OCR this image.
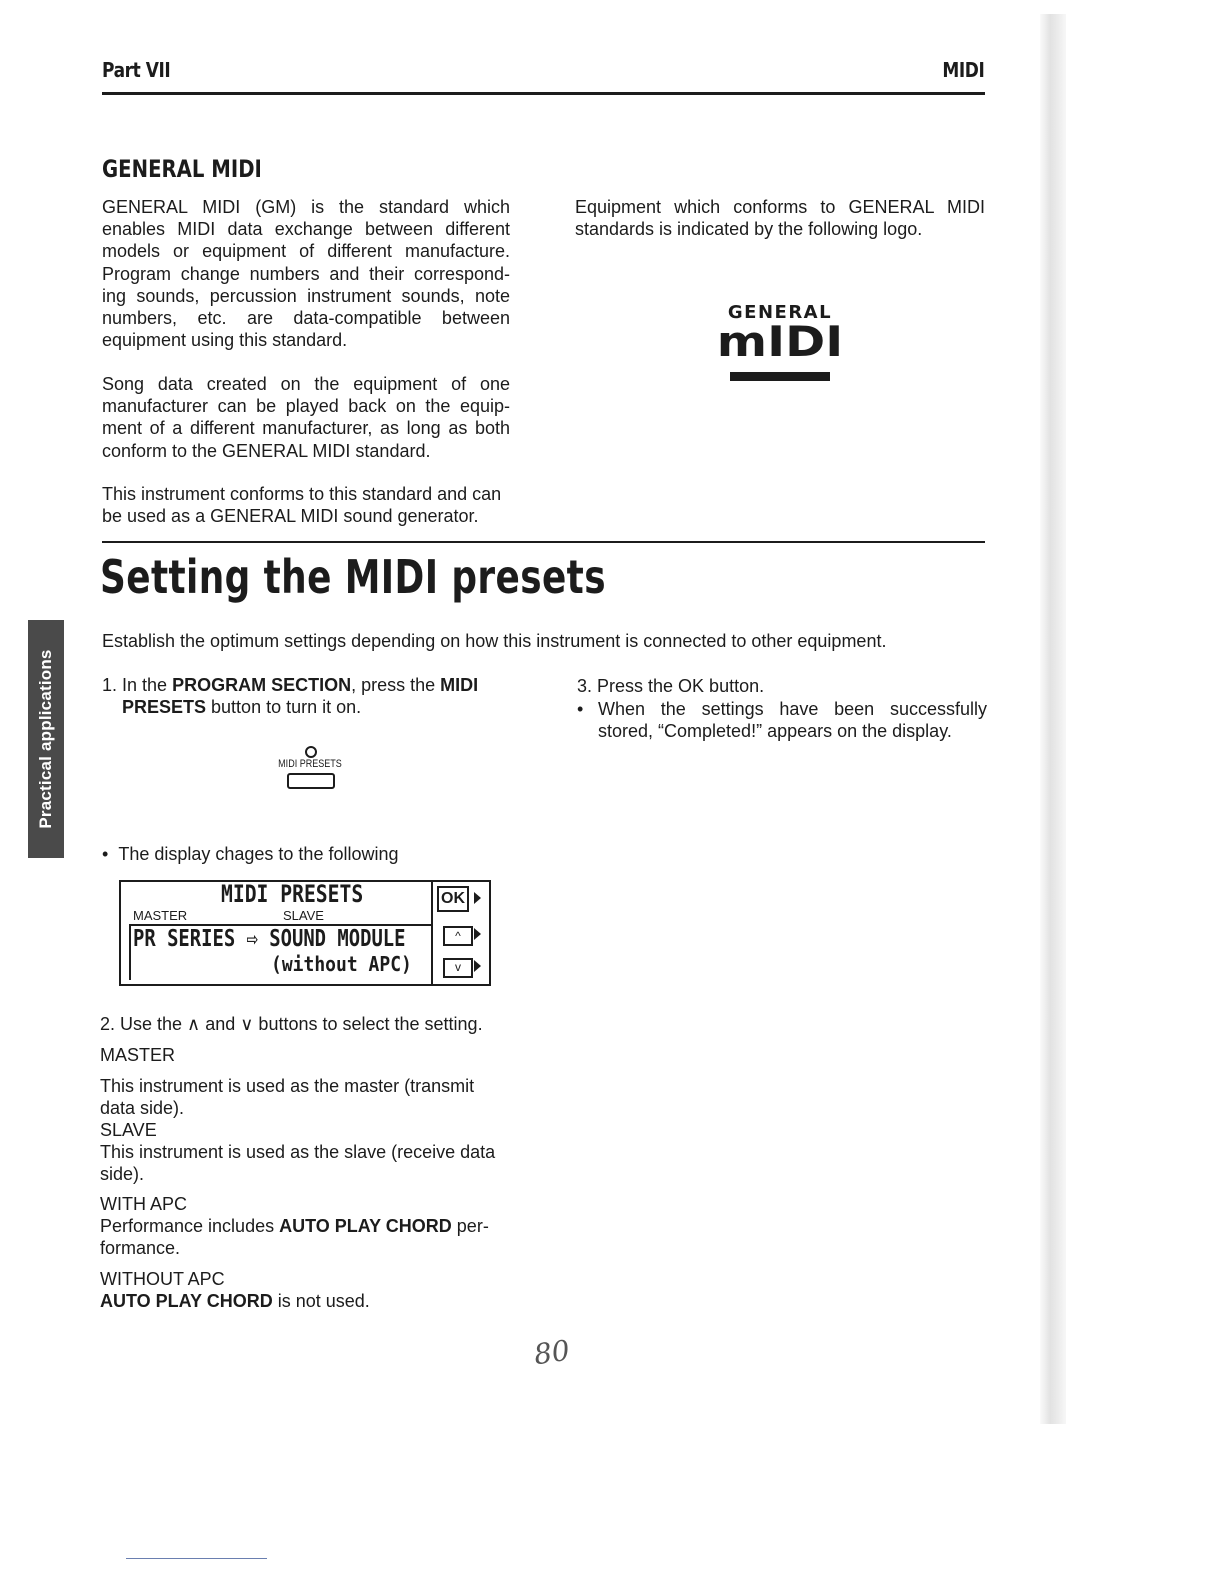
Part VII	MIDI
Practical applications
GENERAL MIDI
GENERAL MIDI (GM) is the standard which enables MIDI data exchange between different models or equipment of different manufacture. Program change numbers and their correspond- ing sounds, percussion instrument sounds, note numbers, etc. are data-compatible between equipment using this standard.
Song data created on the equipment of one manufacturer can be played back on the equip- ment of a different manufacturer, as long as both conform to the GENERAL MIDI standard.
This instrument conforms to this standard and can be used as a GENERAL MIDI sound generator.
Equipment which conforms to GENERAL MIDI standards is indicated by the following logo.
GENERAL
mIDI
Setting the MIDI presets
Establish the optimum settings depending on how this instrument is connected to other equipment.
1. In the PROGRAM SECTION, press the MIDI
PRESETS button to turn it on.
MIDI PRESETS
• The display chages to the following
MIDI PRESETS
MASTER	SLAVE
PR SERIES ⇨ SOUND MODULE
(without APC)
OK
^
v
2. Use the ∧ and ∨ buttons to select the setting.
MASTER
This instrument is used as the master (transmit data side).
SLAVE
This instrument is used as the slave (receive data side).
WITH APC
Performance includes AUTO PLAY CHORD per- formance.
WITHOUT APC
AUTO PLAY CHORD is not used.
3. Press the OK button.
• When the settings have been successfully stored, “Completed!” appears on the display.
80
